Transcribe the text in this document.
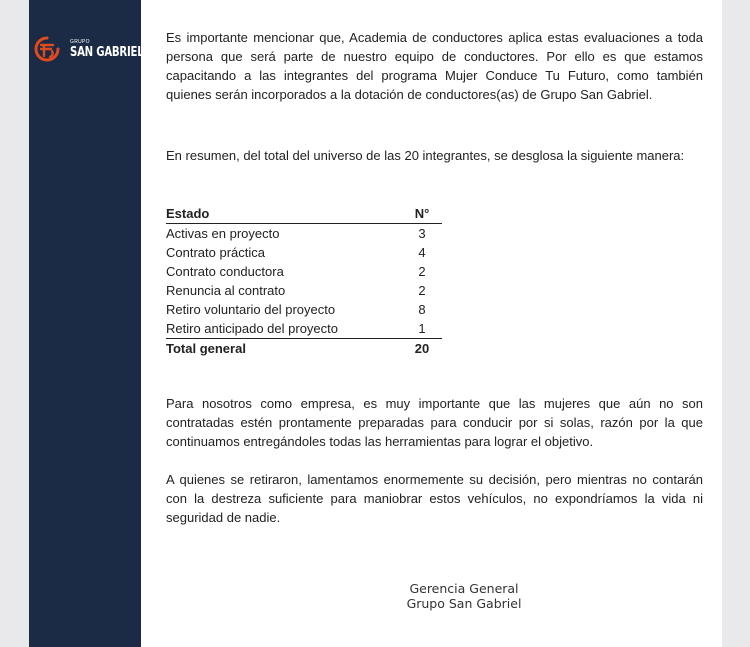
GRUPO
SAN GABRIEL

Es importante mencionar que, Academia de conductores aplica estas evaluaciones a toda persona que será parte de nuestro equipo de conductores. Por ello es que estamos capacitando a las integrantes del programa Mujer Conduce Tu Futuro, como también quienes serán incorporados a la dotación de conductores(as) de Grupo San Gabriel.

En resumen, del total del universo de las 20 integrantes, se desglosa la siguiente manera:

Para nosotros como empresa, es muy importante que las mujeres que aún no son contratadas estén prontamente preparadas para conducir por si solas, razón por la que continuamos entregándoles todas las herramientas para lograr el objetivo.

A quienes se retiraron, lamentamos enormemente su decisión, pero mientras no contarán con la destreza suficiente para maniobrar estos vehículos, no expondríamos la vida ni seguridad de nadie.

Estado	N°
Activas en proyecto	3
Contrato práctica	4
Contrato conductora	2
Renuncia al contrato	2
Retiro voluntario del proyecto	8
Retiro anticipado del proyecto	1
Total general	20
Gerencia General
Grupo San Gabriel
